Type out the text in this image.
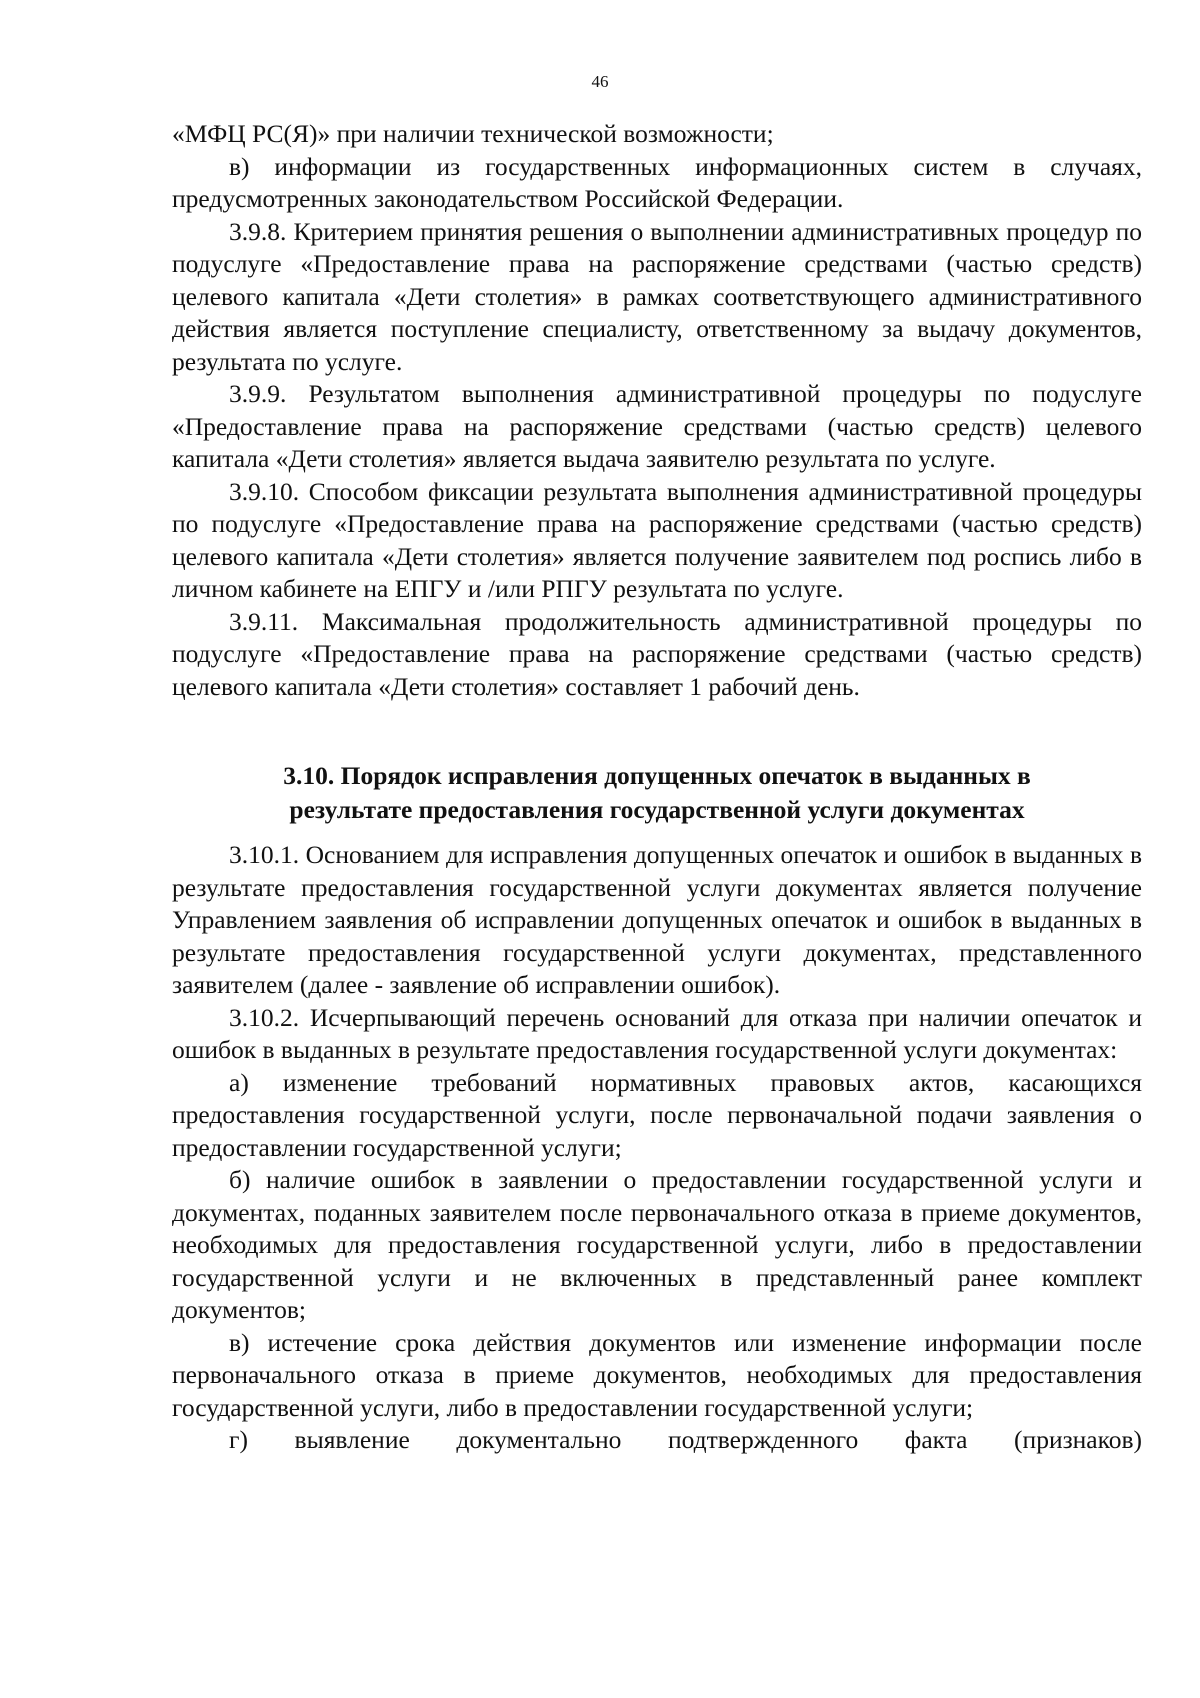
46

«МФЦ РС(Я)» при наличии технической возможности;

в) информации из государственных информационных систем в случаях, предусмотренных законодательством Российской Федерации.

3.9.8. Критерием принятия решения о выполнении административных процедур по подуслуге «Предоставление права на распоряжение средствами (частью средств) целевого капитала «Дети столетия» в рамках соответствующего административного действия является поступление специалисту, ответственному за выдачу документов, результата по услуге.

3.9.9. Результатом выполнения административной процедуры по подуслуге «Предоставление права на распоряжение средствами (частью средств) целевого капитала «Дети столетия» является выдача заявителю результата по услуге.

3.9.10. Способом фиксации результата выполнения административной процедуры по подуслуге «Предоставление права на распоряжение средствами (частью средств) целевого капитала «Дети столетия» является получение заявителем под роспись либо в личном кабинете на ЕПГУ и /или РПГУ результата по услуге.

3.9.11. Максимальная продолжительность административной процедуры по подуслуге «Предоставление права на распоряжение средствами (частью средств) целевого капитала «Дети столетия» составляет 1 рабочий день.

3.10. Порядок исправления допущенных опечаток в выданных в
результате предоставления государственной услуги документах

3.10.1. Основанием для исправления допущенных опечаток и ошибок в выданных в результате предоставления государственной услуги документах является получение Управлением заявления об исправлении допущенных опечаток и ошибок в выданных в результате предоставления государственной услуги документах, представленного заявителем (далее - заявление об исправлении ошибок).

3.10.2. Исчерпывающий перечень оснований для отказа при наличии опечаток и ошибок в выданных в результате предоставления государственной услуги документах:

а) изменение требований нормативных правовых актов, касающихся предоставления государственной услуги, после первоначальной подачи заявления о предоставлении государственной услуги;

б) наличие ошибок в заявлении о предоставлении государственной услуги и документах, поданных заявителем после первоначального отказа в приеме документов, необходимых для предоставления государственной услуги, либо в предоставлении государственной услуги и не включенных в представленный ранее комплект документов;

в) истечение срока действия документов или изменение информации после первоначального отказа в приеме документов, необходимых для предоставления государственной услуги, либо в предоставлении государственной услуги;

г) выявление документально подтвержденного факта (признаков)
